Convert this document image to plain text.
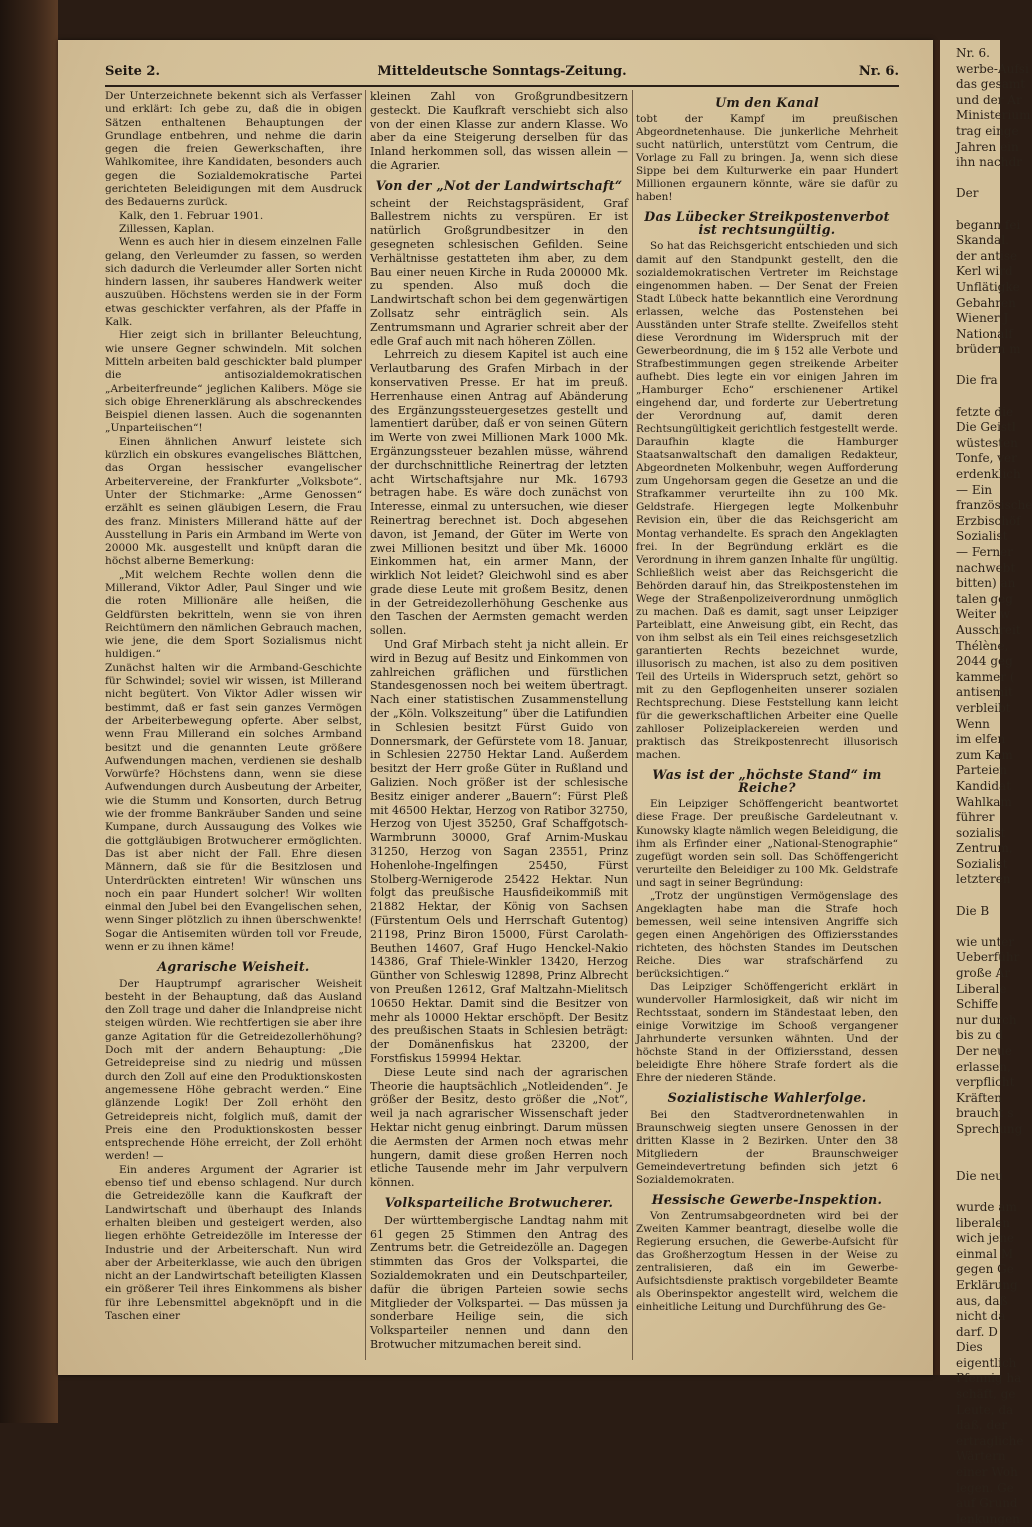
Seite 2.	Mitteldeutsche Sonntags-Zeitung.	Nr. 6.

Der Unterzeichnete bekennt sich als Verfasser und erklärt: Ich gebe zu, daß die in obigen Sätzen enthaltenen Behauptungen der Grundlage entbehren, und nehme die darin gegen die freien Gewerkschaften, ihre Wahlkomitee, ihre Kandidaten, besonders auch gegen die Sozialdemokratische Partei gerichteten Beleidigungen mit dem Ausdruck des Bedauerns zurück.

Kalk, den 1. Februar 1901.

Zillessen, Kaplan.

Wenn es auch hier in diesem einzelnen Falle gelang, den Verleumder zu fassen, so werden sich dadurch die Verleumder aller Sorten nicht hindern lassen, ihr sauberes Handwerk weiter auszuüben. Höchstens werden sie in der Form etwas geschickter verfahren, als der Pfaffe in Kalk.

Hier zeigt sich in brillanter Beleuchtung, wie unsere Gegner schwindeln. Mit solchen Mitteln arbeiten bald geschickter bald plumper die antisozialdemokratischen „Arbeiterfreunde“ jeglichen Kalibers. Möge sie sich obige Ehrenerklärung als abschreckendes Beispiel dienen lassen. Auch die sogenannten „Unparteiischen“!

Einen ähnlichen Anwurf leistete sich kürzlich ein obskures evangelisches Blättchen, das Organ hessischer evangelischer Arbeitervereine, der Frankfurter „Volksbote“. Unter der Stichmarke: „Arme Genossen“ erzählt es seinen gläubigen Lesern, die Frau des franz. Ministers Millerand hätte auf der Ausstellung in Paris ein Armband im Werte von 20000 Mk. ausgestellt und knüpft daran die höchst alberne Bemerkung:

„Mit welchem Rechte wollen denn die Millerand, Viktor Adler, Paul Singer und wie die roten Millionäre alle heißen, die Geldfürsten bekritteln, wenn sie von ihren Reichtümern den nämlichen Gebrauch machen, wie jene, die dem Sport Sozialismus nicht huldigen.“

Zunächst halten wir die Armband-Geschichte für Schwindel; soviel wir wissen, ist Millerand nicht begütert. Von Viktor Adler wissen wir bestimmt, daß er fast sein ganzes Vermögen der Arbeiterbewegung opferte. Aber selbst, wenn Frau Millerand ein solches Armband besitzt und die genannten Leute größere Aufwendungen machen, verdienen sie deshalb Vorwürfe? Höchstens dann, wenn sie diese Aufwendungen durch Ausbeutung der Arbeiter, wie die Stumm und Konsorten, durch Betrug wie der fromme Bankräuber Sanden und seine Kumpane, durch Aussaugung des Volkes wie die gottgläubigen Brotwucherer ermöglichten. Das ist aber nicht der Fall. Ehre diesen Männern, daß sie für die Besitzlosen und Unterdrückten eintreten! Wir wünschen uns noch ein paar Hundert solcher! Wir wollten einmal den Jubel bei den Evangelischen sehen, wenn Singer plötzlich zu ihnen überschwenkte! Sogar die Antisemiten würden toll vor Freude, wenn er zu ihnen käme!

Agrarische Weisheit.

Der Hauptrumpf agrarischer Weisheit besteht in der Behauptung, daß das Ausland den Zoll trage und daher die Inlandpreise nicht steigen würden. Wie rechtfertigen sie aber ihre ganze Agitation für die Getreidezollerhöhung? Doch mit der andern Behauptung: „Die Getreidepreise sind zu niedrig und müssen durch den Zoll auf eine den Produktionskosten angemessene Höhe gebracht werden.“ Eine glänzende Logik! Der Zoll erhöht den Getreidepreis nicht, folglich muß, damit der Preis eine den Produktionskosten besser entsprechende Höhe erreicht, der Zoll erhöht werden! —

Ein anderes Argument der Agrarier ist ebenso tief und ebenso schlagend. Nur durch die Getreidezölle kann die Kaufkraft der Landwirtschaft und überhaupt des Inlands erhalten bleiben und gesteigert werden, also liegen erhöhte Getreidezölle im Interesse der Industrie und der Arbeiterschaft. Nun wird aber der Arbeiterklasse, wie auch den übrigen nicht an der Landwirtschaft beteiligten Klassen ein größerer Teil ihres Einkommens als bisher für ihre Lebensmittel abgeknöpft und in die Taschen einer

kleinen Zahl von Großgrundbesitzern gesteckt. Die Kaufkraft verschiebt sich also von der einen Klasse zur andern Klasse. Wo aber da eine Steigerung derselben für das Inland herkommen soll, das wissen allein — die Agrarier.

Von der „Not der Landwirtschaft“

scheint der Reichstagspräsident, Graf Ballestrem nichts zu verspüren. Er ist natürlich Großgrundbesitzer in den gesegneten schlesischen Gefilden. Seine Verhältnisse gestatteten ihm aber, zu dem Bau einer neuen Kirche in Ruda 200000 Mk. zu spenden. Also muß doch die Landwirtschaft schon bei dem gegenwärtigen Zollsatz sehr einträglich sein. Als Zentrumsmann und Agrarier schreit aber der edle Graf auch mit nach höheren Zöllen.

Lehrreich zu diesem Kapitel ist auch eine Verlautbarung des Grafen Mirbach in der konservativen Presse. Er hat im preuß. Herrenhause einen Antrag auf Abänderung des Ergänzungssteuergesetzes gestellt und lamentiert darüber, daß er von seinen Gütern im Werte von zwei Millionen Mark 1000 Mk. Ergänzungssteuer bezahlen müsse, während der durchschnittliche Reinertrag der letzten acht Wirtschaftsjahre nur Mk. 16793 betragen habe. Es wäre doch zunächst von Interesse, einmal zu untersuchen, wie dieser Reinertrag berechnet ist. Doch abgesehen davon, ist Jemand, der Güter im Werte von zwei Millionen besitzt und über Mk. 16000 Einkommen hat, ein armer Mann, der wirklich Not leidet? Gleichwohl sind es aber grade diese Leute mit großem Besitz, denen in der Getreidezollerhöhung Geschenke aus den Taschen der Aermsten gemacht werden sollen.

Und Graf Mirbach steht ja nicht allein. Er wird in Bezug auf Besitz und Einkommen von zahlreichen gräflichen und fürstlichen Standesgenossen noch bei weitem übertragt. Nach einer statistischen Zusammenstellung der „Köln. Volkszeitung“ über die Latifundien in Schlesien besitzt Fürst Guido von Donnersmark, der Gefürstete vom 18. Januar, in Schlesien 22750 Hektar Land. Außerdem besitzt der Herr große Güter in Rußland und Galizien. Noch größer ist der schlesische Besitz einiger anderer „Bauern“: Fürst Pleß mit 46500 Hektar, Herzog von Ratibor 32750, Herzog von Ujest 35250, Graf Schaffgotsch-Warmbrunn 30000, Graf Arnim-Muskau 31250, Herzog von Sagan 23551, Prinz Hohenlohe-Ingelfingen 25450, Fürst Stolberg-Wernigerode 25422 Hektar. Nun folgt das preußische Hausfideikommiß mit 21882 Hektar, der König von Sachsen (Fürstentum Oels und Herrschaft Gutentog) 21198, Prinz Biron 15000, Fürst Carolath-Beuthen 14607, Graf Hugo Henckel-Nakio 14386, Graf Thiele-Winkler 13420, Herzog Günther von Schleswig 12898, Prinz Albrecht von Preußen 12612, Graf Maltzahn-Mielitsch 10650 Hektar. Damit sind die Besitzer von mehr als 10000 Hektar erschöpft. Der Besitz des preußischen Staats in Schlesien beträgt: der Domänenfiskus hat 23200, der Forstfiskus 159994 Hektar.

Diese Leute sind nach der agrarischen Theorie die hauptsächlich „Notleidenden“. Je größer der Besitz, desto größer die „Not“, weil ja nach agrarischer Wissenschaft jeder Hektar nicht genug einbringt. Darum müssen die Aermsten der Armen noch etwas mehr hungern, damit diese großen Herren noch etliche Tausende mehr im Jahr verpulvern können.

Volksparteiliche Brotwucherer.

Der württembergische Landtag nahm mit 61 gegen 25 Stimmen den Antrag des Zentrums betr. die Getreidezölle an. Dagegen stimmten das Gros der Volkspartei, die Sozialdemokraten und ein Deutschparteiler, dafür die übrigen Parteien sowie sechs Mitglieder der Volkspartei. — Das müssen ja sonderbare Heilige sein, die sich Volksparteiler nennen und dann den Brotwucher mitzumachen bereit sind.

Um den Kanal

tobt der Kampf im preußischen Abgeordnetenhause. Die junkerliche Mehrheit sucht natürlich, unterstützt vom Centrum, die Vorlage zu Fall zu bringen. Ja, wenn sich diese Sippe bei dem Kulturwerke ein paar Hundert Millionen ergaunern könnte, wäre sie dafür zu haben!

Das Lübecker Streikpostenverbot ist rechtsungültig.

So hat das Reichsgericht entschieden und sich damit auf den Standpunkt gestellt, den die sozialdemokratischen Vertreter im Reichstage eingenommen haben. — Der Senat der Freien Stadt Lübeck hatte bekanntlich eine Verordnung erlassen, welche das Postenstehen bei Ausständen unter Strafe stellte. Zweifellos steht diese Verordnung im Widerspruch mit der Gewerbeordnung, die im § 152 alle Verbote und Strafbestimmungen gegen streikende Arbeiter aufhebt. Dies legte ein vor einigen Jahren im „Hamburger Echo“ erschienener Artikel eingehend dar, und forderte zur Uebertretung der Verordnung auf, damit deren Rechtsungültigkeit gerichtlich festgestellt werde. Daraufhin klagte die Hamburger Staatsanwaltschaft den damaligen Redakteur, Abgeordneten Molkenbuhr, wegen Aufforderung zum Ungehorsam gegen die Gesetze an und die Strafkammer verurteilte ihn zu 100 Mk. Geldstrafe. Hiergegen legte Molkenbuhr Revision ein, über die das Reichsgericht am Montag verhandelte. Es sprach den Angeklagten frei. In der Begründung erklärt es die Verordnung in ihrem ganzen Inhalte für ungültig. Schließlich weist aber das Reichsgericht die Behörden darauf hin, das Streikpostenstehen im Wege der Straßenpolizeiverordnung unmöglich zu machen. Daß es damit, sagt unser Leipziger Parteiblatt, eine Anweisung gibt, ein Recht, das von ihm selbst als ein Teil eines reichsgesetzlich garantierten Rechts bezeichnet wurde, illusorisch zu machen, ist also zu dem positiven Teil des Urteils in Widerspruch setzt, gehört so mit zu den Gepflogenheiten unserer sozialen Rechtsprechung. Diese Feststellung kann leicht für die gewerkschaftlichen Arbeiter eine Quelle zahlloser Polizeiplackereien werden und praktisch das Streikpostenrecht illusorisch machen.

Was ist der „höchste Stand“ im Reiche?

Ein Leipziger Schöffengericht beantwortet diese Frage. Der preußische Gardeleutnant v. Kunowsky klagte nämlich wegen Beleidigung, die ihm als Erfinder einer „National-Stenographie“ zugefügt worden sein soll. Das Schöffengericht verurteilte den Beleidiger zu 100 Mk. Geldstrafe und sagt in seiner Begründung:

„Trotz der ungünstigen Vermögenslage des Angeklagten habe man die Strafe hoch bemessen, weil seine intensiven Angriffe sich gegen einen Angehörigen des Offiziersstandes richteten, des höchsten Standes im Deutschen Reiche. Dies war strafschärfend zu berücksichtigen.“

Das Leipziger Schöffengericht erklärt in wundervoller Harmlosigkeit, daß wir nicht im Rechtsstaat, sondern im Ständestaat leben, den einige Vorwitzige im Schooß vergangener Jahrhunderte versunken wähnten. Und der höchste Stand in der Offiziersstand, dessen beleidigte Ehre höhere Strafe fordert als die Ehre der niederen Stände.

Sozialistische Wahlerfolge.

Bei den Stadtverordnetenwahlen in Braunschweig siegten unsere Genossen in der dritten Klasse in 2 Bezirken. Unter den 38 Mitgliedern der Braunschweiger Gemeindevertretung befinden sich jetzt 6 Sozialdemokraten.

Hessische Gewerbe-Inspektion.

Von Zentrumsabgeordneten wird bei der Zweiten Kammer beantragt, dieselbe wolle die Regierung ersuchen, die Gewerbe-Aufsicht für das Großherzogtum Hessen in der Weise zu zentralisieren, daß ein im Gewerbe-Aufsichtsdienste praktisch vorgebildeter Beamte als Oberinspektor angestellt wird, welchem die einheitliche Leitung und Durchführung des Ge-

Nr. 6.
werbe-Aufsi
das gesamt
und der Ar
Ministerium
trag einge
Jahren ein
ihn nachdr

Der

begann fei
Skandal.
der antise
Kerl wird
Unflätigke
Gebahren
Wiener J
Nationalf
brüdern m

Die fra

fetzte die
Die Geistl
wüstesten
Tonfe, ver
erdenklich
— Ein
französische
Erzbischöf
Sozialist
— Ferner
nachwebt
bitten) an
talen geg
Weiter w
Ausschreit
Thélène,
2044 geg
kammer (
antisemit
verbleibt
Wenn
im elfen
zum Kam
Parteien
Kandidat
Wahlkam
führer
sozialist
Zentrum,
Sozialist
letzteren

Die B

wie unter
Ueberführ
große Ar
Liberale
Schiffe
nur durch
bis zu d
Der neue
erlassen,
verpflicht
Kräften
braucht s
Sprechung

Die neu

wurde am
liberalen
wich jene
einmal M
gegen Ge
Erklärung
aus, daß
nicht da
darf. D
Dies
eigentlich
Pfennig ha
schäft, ge
Leute, da
daß, der
ertragliche
Wärtern
einer Woh
legen. Ge
auf Grund
lenkungen
